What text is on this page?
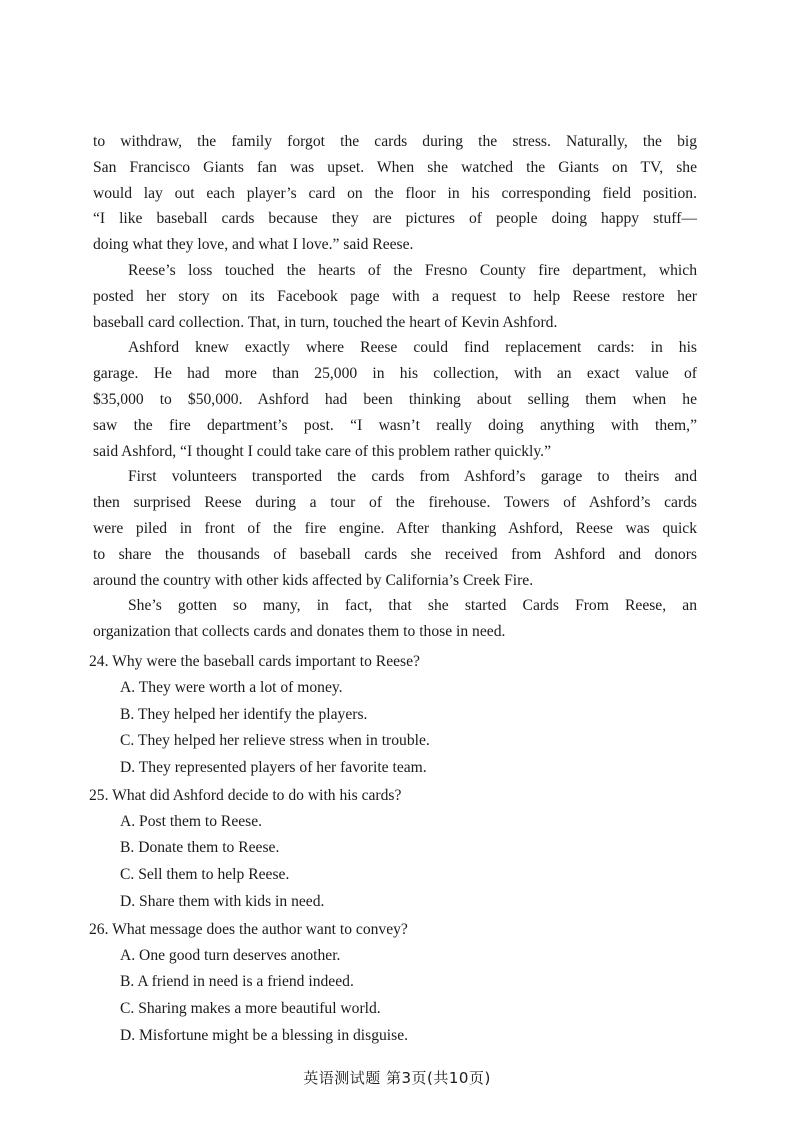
to withdraw, the family forgot the cards during the stress. Naturally, the big
San Francisco Giants fan was upset. When she watched the Giants on TV, she
would lay out each player’s card on the floor in his corresponding field position.
“I like baseball cards because they are pictures of people doing happy stuff—
doing what they love, and what I love.” said Reese.
Reese’s loss touched the hearts of the Fresno County fire department, which
posted her story on its Facebook page with a request to help Reese restore her
baseball card collection. That, in turn, touched the heart of Kevin Ashford.
Ashford knew exactly where Reese could find replacement cards: in his
garage. He had more than 25,000 in his collection, with an exact value of
$35,000 to $50,000. Ashford had been thinking about selling them when he
saw the fire department’s post. “I wasn’t really doing anything with them,”
said Ashford, “I thought I could take care of this problem rather quickly.”
First volunteers transported the cards from Ashford’s garage to theirs and
then surprised Reese during a tour of the firehouse. Towers of Ashford’s cards
were piled in front of the fire engine. After thanking Ashford, Reese was quick
to share the thousands of baseball cards she received from Ashford and donors
around the country with other kids affected by California’s Creek Fire.
She’s gotten so many, in fact, that she started Cards From Reese, an
organization that collects cards and donates them to those in need.
24. Why were the baseball cards important to Reese?
A. They were worth a lot of money.
B. They helped her identify the players.
C. They helped her relieve stress when in trouble.
D. They represented players of her favorite team.
25. What did Ashford decide to do with his cards?
A. Post them to Reese.
B. Donate them to Reese.
C. Sell them to help Reese.
D. Share them with kids in need.
26. What message does the author want to convey?
A. One good turn deserves another.
B. A friend in need is a friend indeed.
C. Sharing makes a more beautiful world.
D. Misfortune might be a blessing in disguise.
英语测试题 第3页(共10页)
